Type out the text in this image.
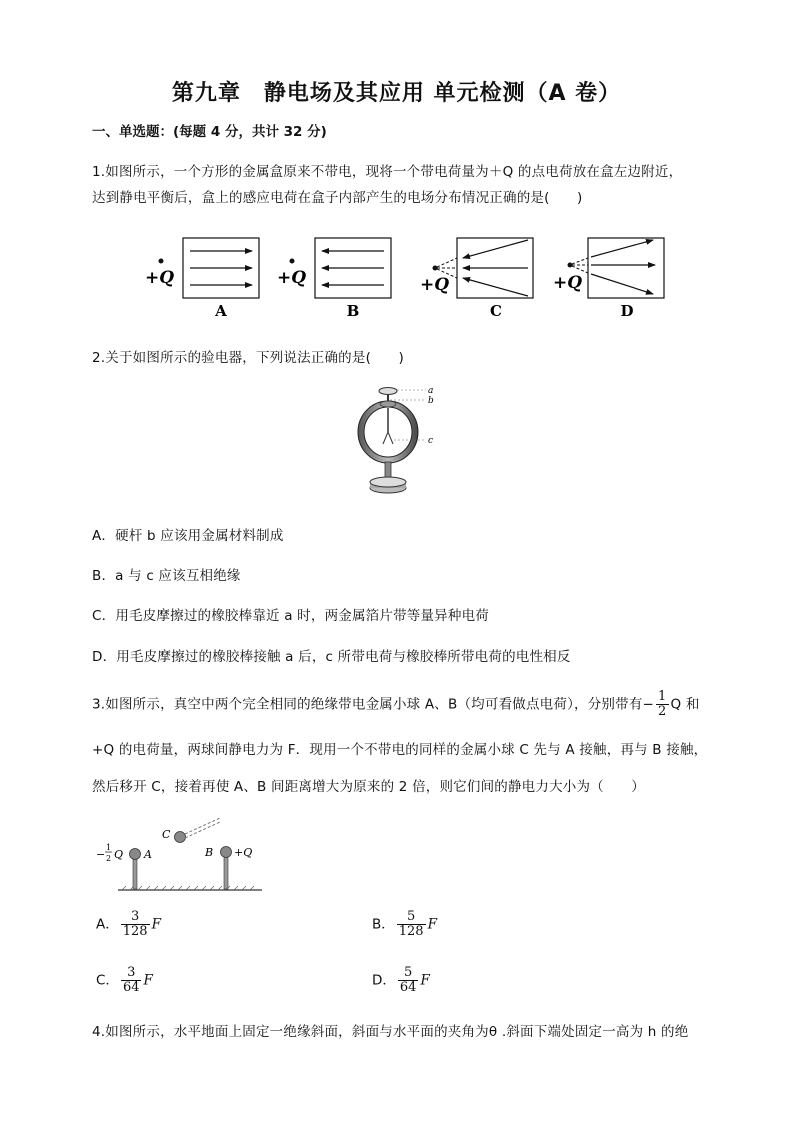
第九章　静电场及其应用 单元检测（A 卷）
一、单选题：(每题 4 分，共计 32 分)
1.如图所示，一个方形的金属盒原来不带电，现将一个带电荷量为＋Q 的点电荷放在盒左边附近，
达到静电平衡后，盒上的感应电荷在盒子内部产生的电场分布情况正确的是(　　)
+Q
A
+Q
B
+Q
C
+Q
D
2.关于如图所示的验电器，下列说法正确的是(　　)
a
b
c
A．硬杆 b 应该用金属材料制成
B．a 与 c 应该互相绝缘
C．用毛皮摩擦过的橡胶棒靠近 a 时，两金属箔片带等量异种电荷
D．用毛皮摩擦过的橡胶棒接触 a 后，c 所带电荷与橡胶棒所带电荷的电性相反
3.如图所示，真空中两个完全相同的绝缘带电金属小球 A、B（均可看做点电荷），分别带有− $\frac{1}{2}$ Q 和
+Q 的电荷量，两球间静电力为 F．现用一个不带电的同样的金属小球 C 先与 A 接触，再与 B 接触，
然后移开 C，接着再使 A、B 间距离增大为原来的 2 倍，则它们间的静电力大小为（　　）
−
1
2 Q A
C
B +Q
A． $\frac{3}{128}$ F	B． $\frac{5}{128}$ F
C． $\frac{3}{64}$ F	D． $\frac{5}{64}$ F
4.如图所示，水平地面上固定一绝缘斜面，斜面与水平面的夹角为θ .斜面下端处固定一高为 h 的绝
